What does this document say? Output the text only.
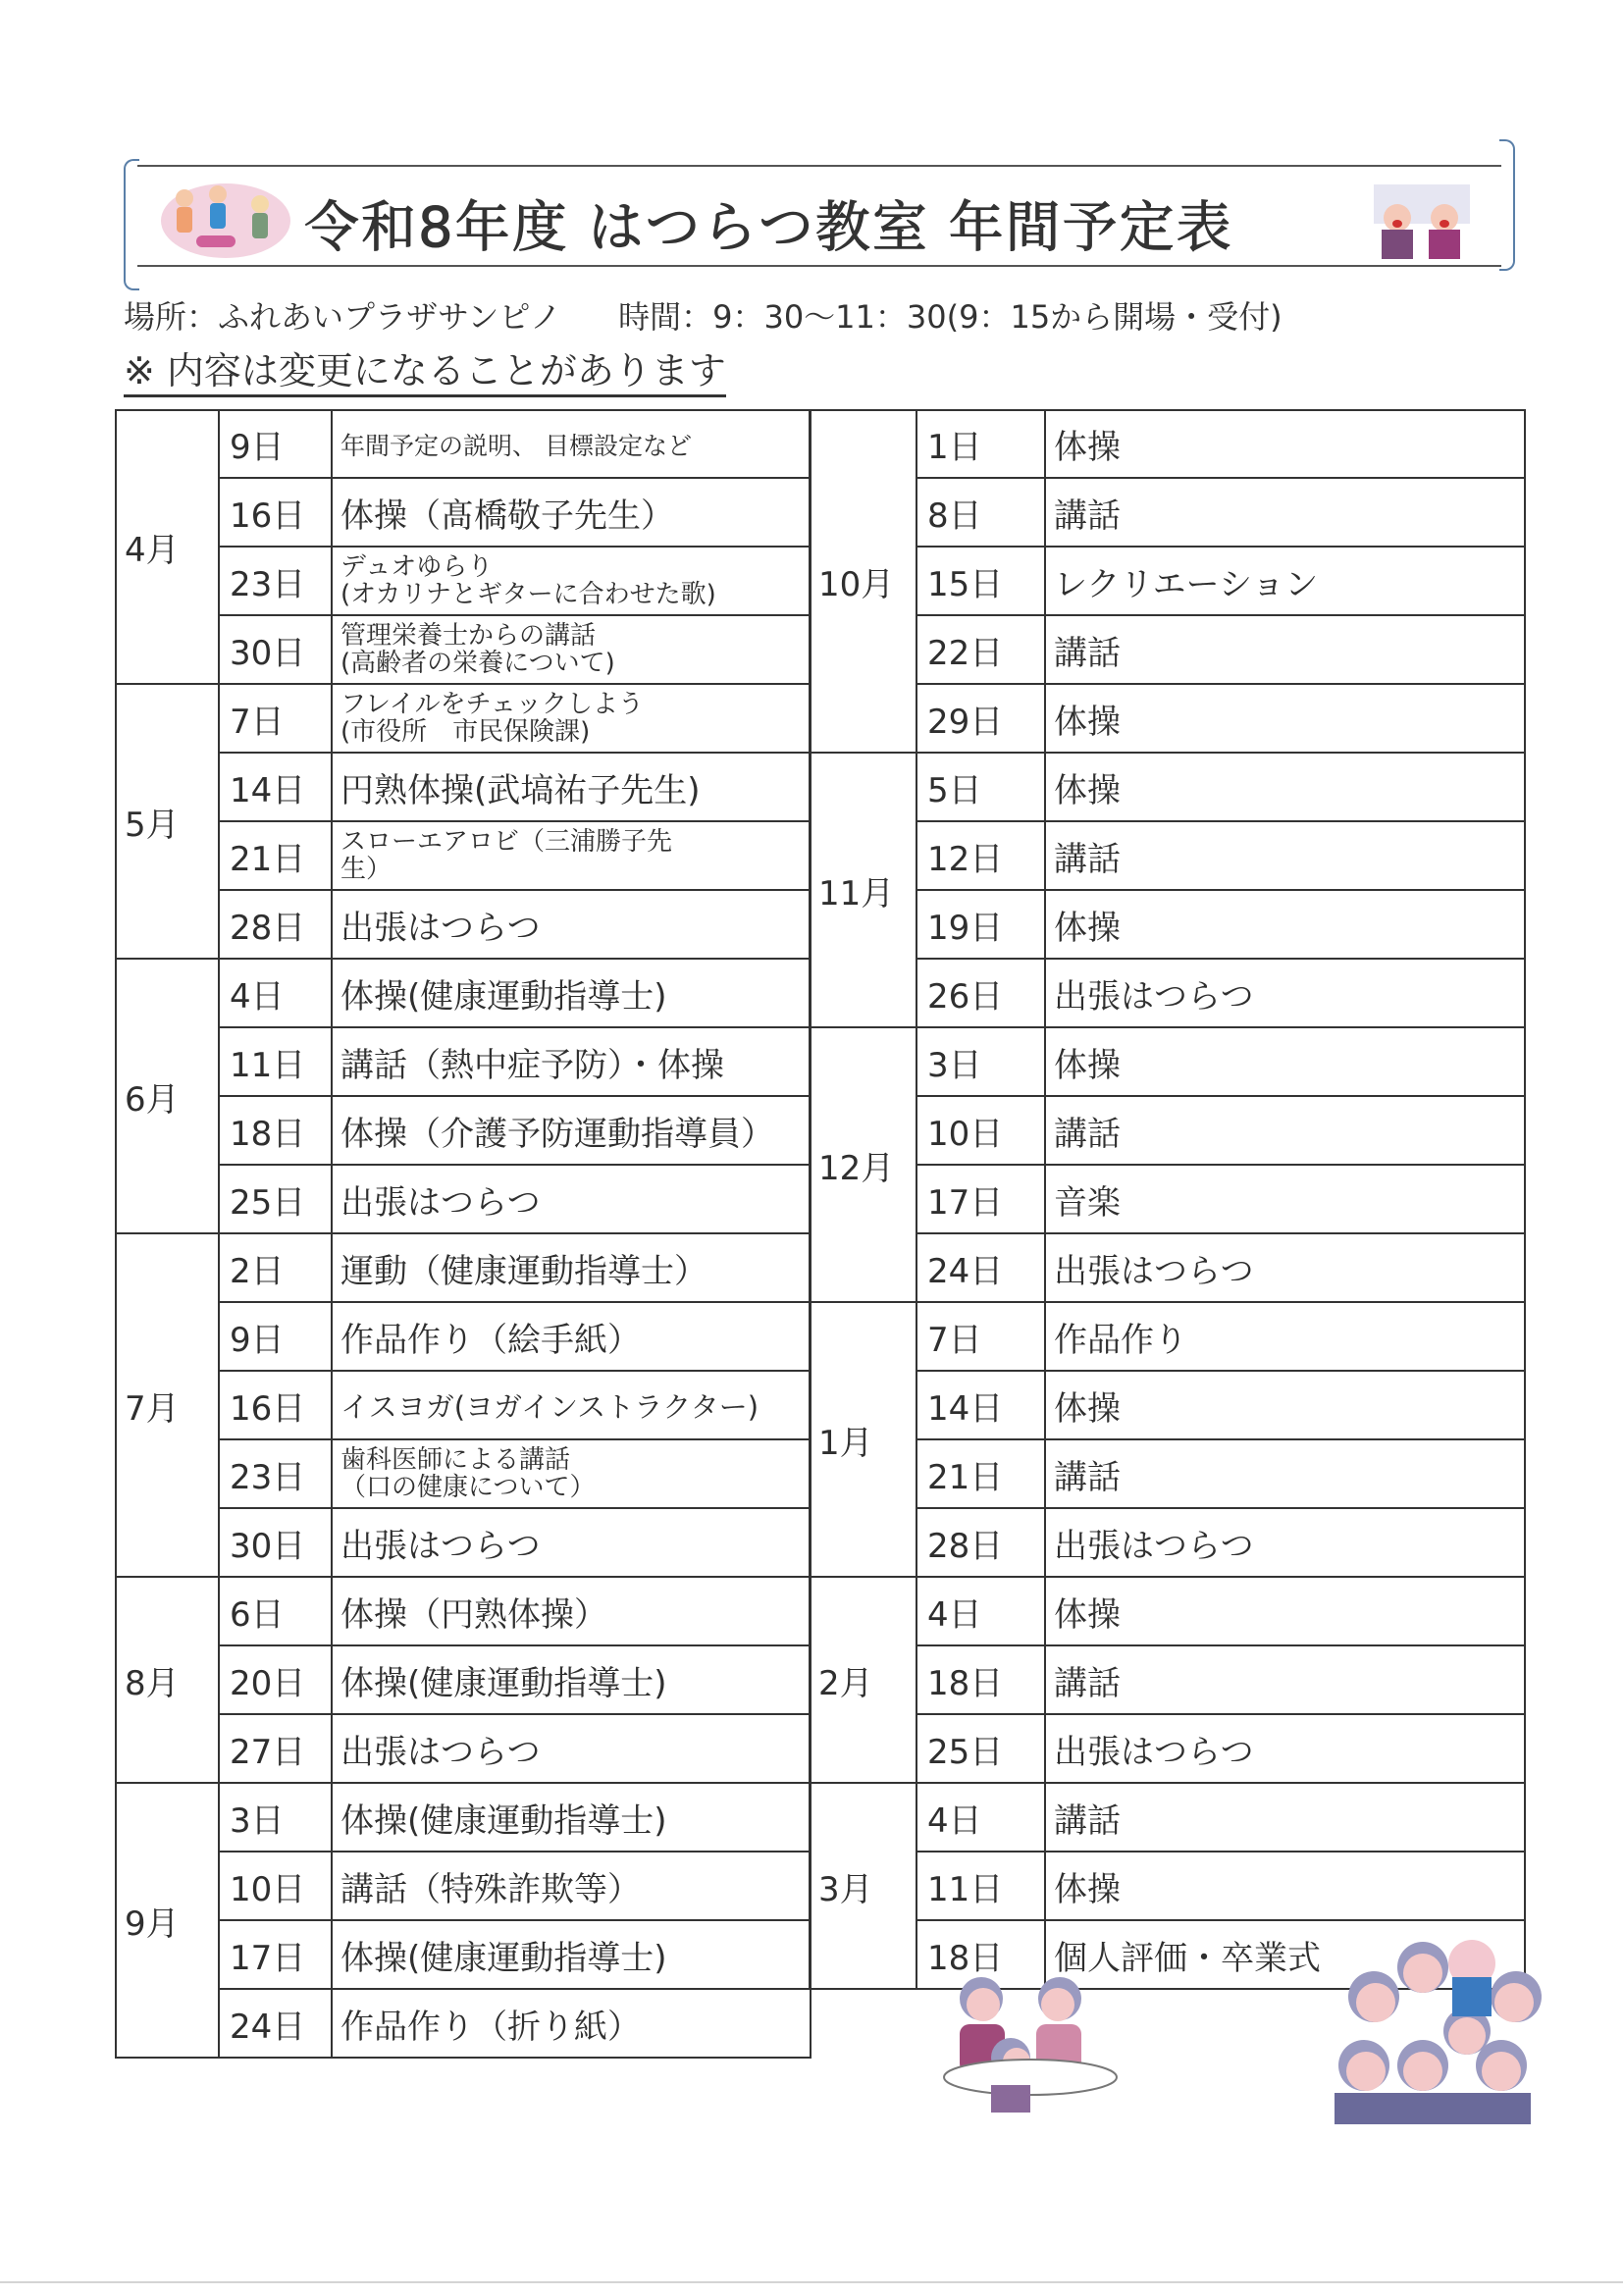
令和8年度 はつらつ教室 年間予定表
場所：ふれあいプラザサンピノ 時間：9：30～11：30(9：15から開場・受付)
※ 内容は変更になることがあります
4月	9日	年間予定の説明、 目標設定など
	16日	体操（髙橋敬子先生）
	23日	デュオゆらり
(オカリナとギターに合わせた歌)

	30日	管理栄養士からの講話
(高齢者の栄養について)

5月	7日	フレイルをチェックしよう
(市役所　市民保険課)

	14日	円熟体操(武塙祐子先生)
	21日	スローエアロビ（三浦勝子先
生）

	28日	出張はつらつ
6月	4日	体操(健康運動指導士)
	11日	講話（熱中症予防）・体操
	18日	体操（介護予防運動指導員）
	25日	出張はつらつ
7月	2日	運動（健康運動指導士）
	9日	作品作り（絵手紙）
	16日	イスヨガ(ヨガインストラクター)
	23日	歯科医師による講話
（口の健康について）

	30日	出張はつらつ
8月	6日	体操（円熟体操）
	20日	体操(健康運動指導士)
	27日	出張はつらつ
9月	3日	体操(健康運動指導士)
	10日	講話（特殊詐欺等）
	17日	体操(健康運動指導士)
	24日	作品作り（折り紙）
10月	1日	体操
	8日	講話
	15日	レクリエーション
	22日	講話
	29日	体操
11月	5日	体操
	12日	講話
	19日	体操
	26日	出張はつらつ
12月	3日	体操
	10日	講話
	17日	音楽
	24日	出張はつらつ
1月	7日	作品作り
	14日	体操
	21日	講話
	28日	出張はつらつ
2月	4日	体操
	18日	講話
	25日	出張はつらつ
3月	4日	講話
	11日	体操
	18日	個人評価・卒業式
